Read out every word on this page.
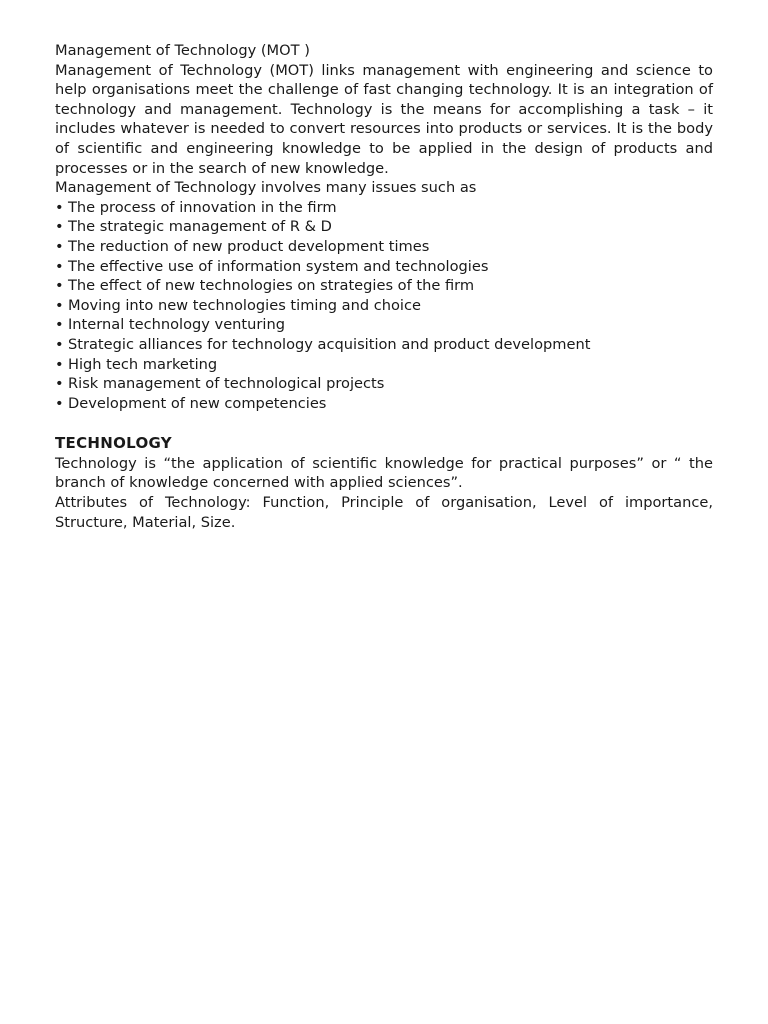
Management of Technology (MOT )

Management of Technology (MOT) links management with engineering and science to help organisations meet the challenge of fast changing technology. It is an integration of technology and management. Technology is the means for accomplishing a task – it includes whatever is needed to convert resources into products or services. It is the body of scientific and engineering knowledge to be applied in the design of products and processes or in the search of new knowledge.

Management of Technology involves many issues such as

• The process of innovation in the firm
• The strategic management of R & D
• The reduction of new product development times
• The effective use of information system and technologies
• The effect of new technologies on strategies of the firm
• Moving into new technologies timing and choice
• Internal technology venturing
• Strategic alliances for technology acquisition and product development
• High tech marketing
• Risk management of technological projects
• Development of new competencies
TECHNOLOGY

Technology is “the application of scientific knowledge for practical purposes” or “ the branch of knowledge concerned with applied sciences”.

Attributes of Technology: Function, Principle of organisation, Level of importance, Structure, Material, Size.
